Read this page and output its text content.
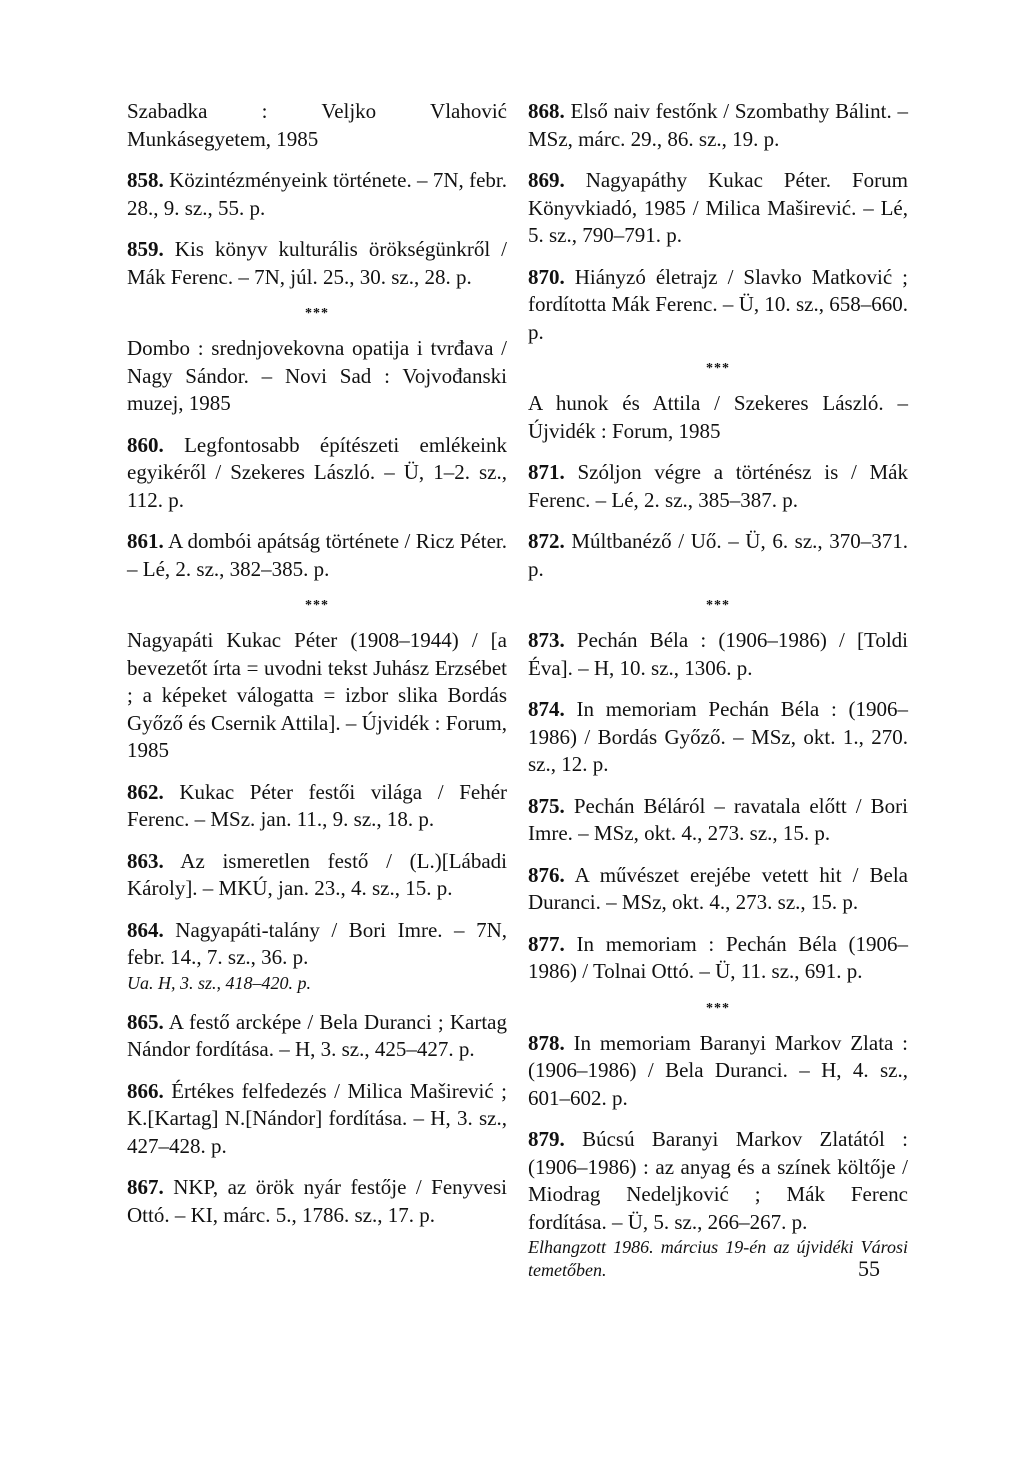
Szabadka : Veljko Vlahović Munkásegyetem, 1985

858. Közintézményeink története. – 7N, febr. 28., 9. sz., 55. p.

859. Kis könyv kulturális örökségünkről / Mák Ferenc. – 7N, júl. 25., 30. sz., 28. p.

***

Dombo : srednjovekovna opatija i tvrđava / Nagy Sándor. – Novi Sad : Vojvođanski muzej, 1985

860. Legfontosabb építészeti emlékeink egyikéről / Szekeres László. – Ü, 1–2. sz., 112. p.

861. A dombói apátság története / Ricz Péter. – Lé, 2. sz., 382–385. p.

***

Nagyapáti Kukac Péter (1908–1944) / [a bevezetőt írta = uvodni tekst Juhász Erzsébet ; a képeket válogatta = izbor slika Bordás Győző és Csernik Attila]. – Újvidék : Forum, 1985

862. Kukac Péter festői világa / Fehér Ferenc. – MSz. jan. 11., 9. sz., 18. p.

863. Az ismeretlen festő / (L.)[Lábadi Károly]. – MKÚ, jan. 23., 4. sz., 15. p.

864. Nagyapáti-talány / Bori Imre. – 7N, febr. 14., 7. sz., 36. p.

Ua. H, 3. sz., 418–420. p.

865. A festő arcképe / Bela Duranci ; Kartag Nándor fordítása. – H, 3. sz., 425–427. p.

866. Értékes felfedezés / Milica Maširević ; K.[Kartag] N.[Nándor] fordítása. – H, 3. sz., 427–428. p.

867. NKP, az örök nyár festője / Fenyvesi Ottó. – KI, márc. 5., 1786. sz., 17. p.

868. Első naiv festőnk / Szombathy Bálint. – MSz, márc. 29., 86. sz., 19. p.

869. Nagyapáthy Kukac Péter. Forum Könyvkiadó, 1985 / Milica Maširević. – Lé, 5. sz., 790–791. p.

870. Hiányzó életrajz / Slavko Matković ; fordította Mák Ferenc. – Ü, 10. sz., 658–660. p.

***

A hunok és Attila / Szekeres László. – Újvidék : Forum, 1985

871. Szóljon végre a történész is / Mák Ferenc. – Lé, 2. sz., 385–387. p.

872. Múltbanéző / Uő. – Ü, 6. sz., 370–371. p.

***

873. Pechán Béla : (1906–1986) / [Toldi Éva]. – H, 10. sz., 1306. p.

874. In memoriam Pechán Béla : (1906–1986) / Bordás Győző. – MSz, okt. 1., 270. sz., 12. p.

875. Pechán Béláról – ravatala előtt / Bori Imre. – MSz, okt. 4., 273. sz., 15. p.

876. A művészet erejébe vetett hit / Bela Duranci. – MSz, okt. 4., 273. sz., 15. p.

877. In memoriam : Pechán Béla (1906–1986) / Tolnai Ottó. – Ü, 11. sz., 691. p.

***

878. In memoriam Baranyi Markov Zlata : (1906–1986) / Bela Duranci. – H, 4. sz., 601–602. p.

879. Búcsú Baranyi Markov Zlatától : (1906–1986) : az anyag és a színek költője / Miodrag Nedeljković ; Mák Ferenc fordítása. – Ü, 5. sz., 266–267. p.

Elhangzott 1986. március 19-én az újvidéki Városi temetőben.	55
